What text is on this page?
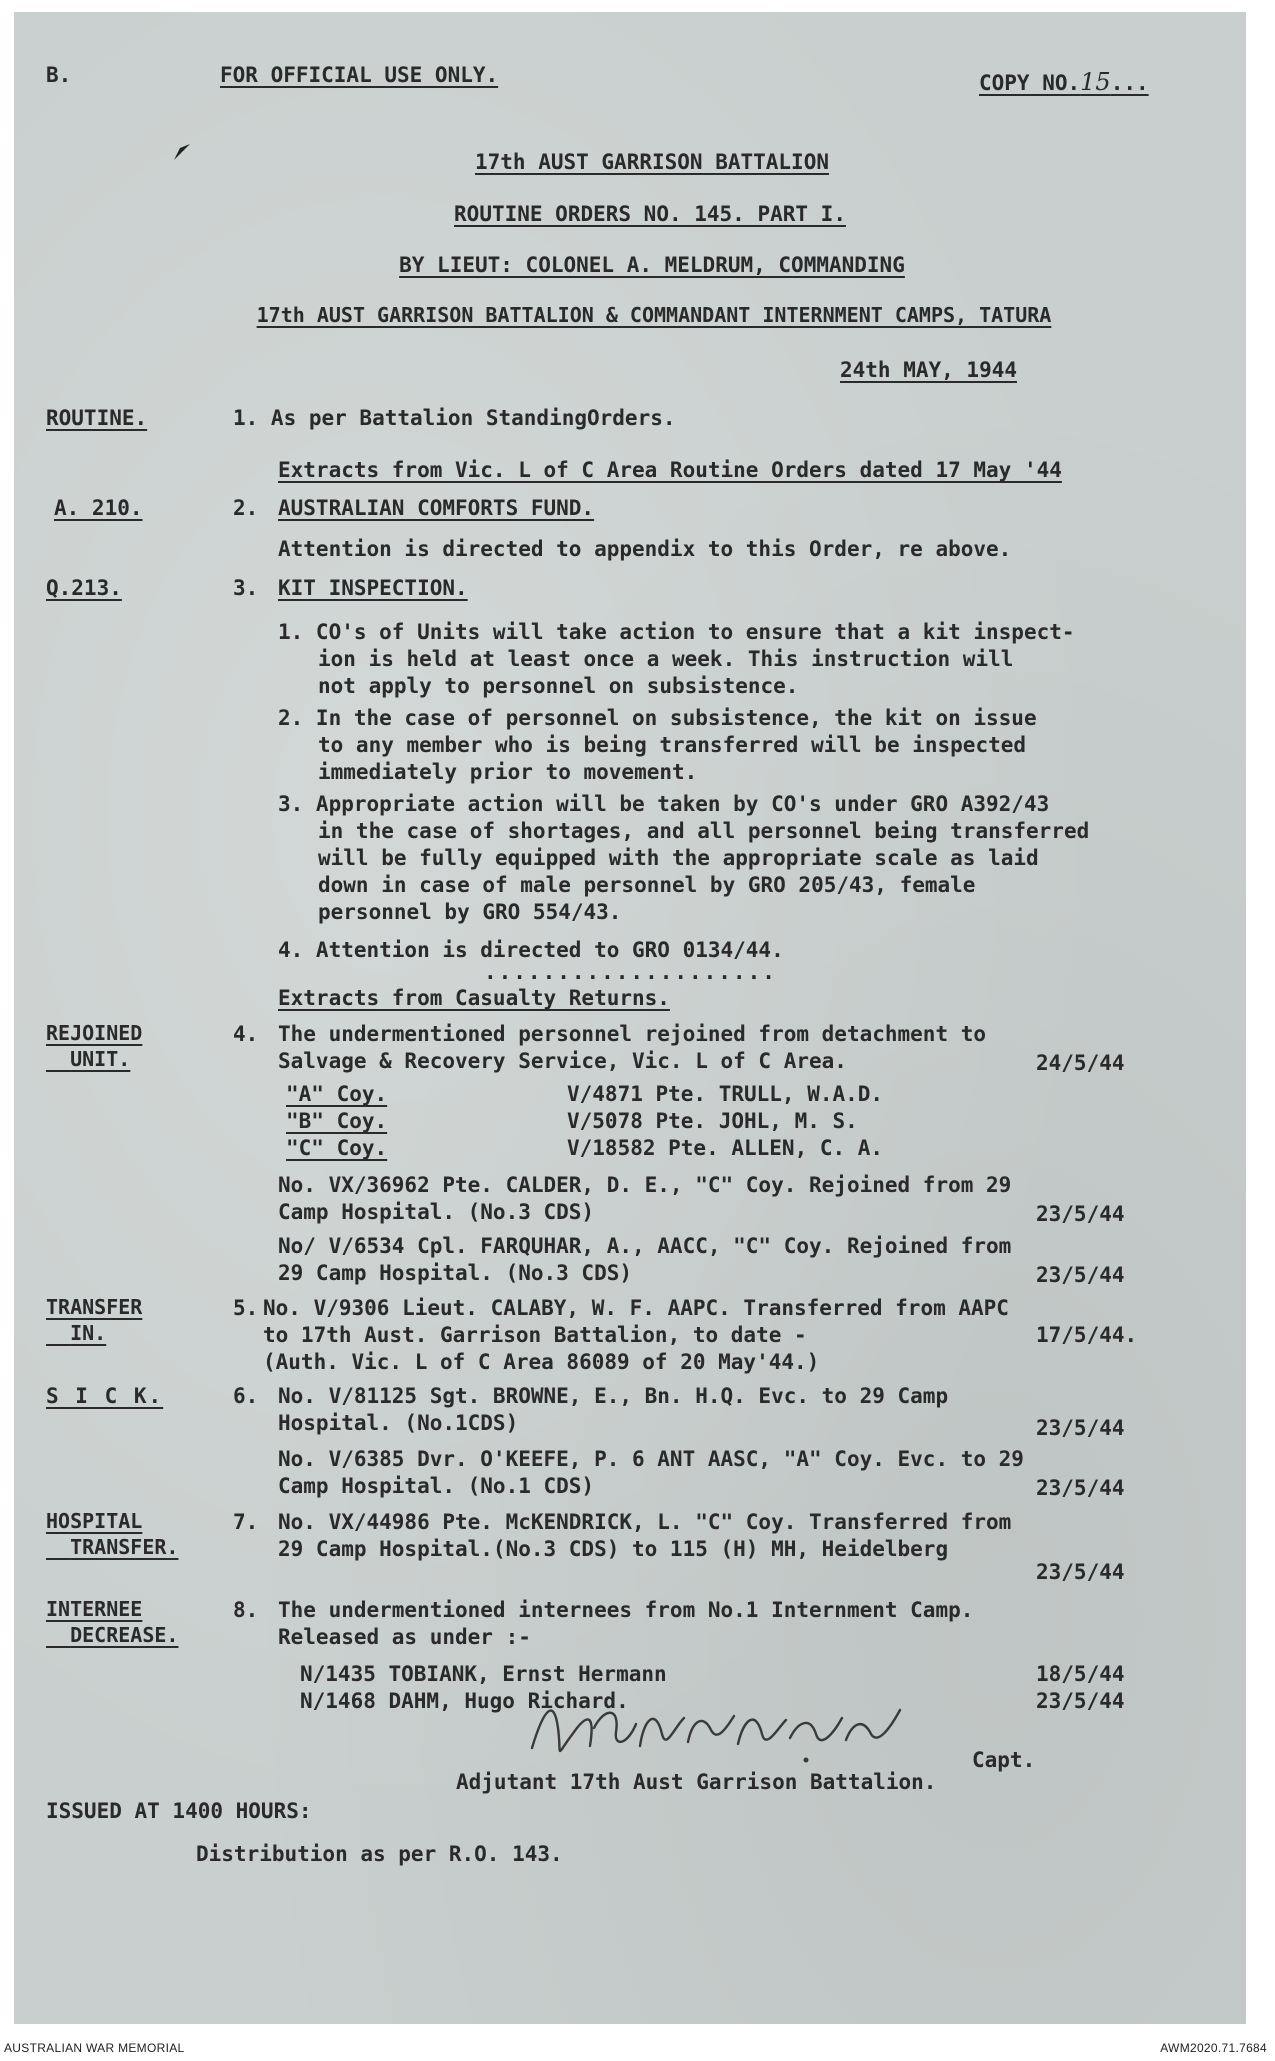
B.	FOR OFFICIAL USE ONLY.	COPY NO.15...
17th AUST GARRISON BATTALION
ROUTINE ORDERS NO. 145. PART I.
BY LIEUT: COLONEL A. MELDRUM, COMMANDING
17th AUST GARRISON BATTALION & COMMANDANT INTERNMENT CAMPS, TATURA
24th MAY, 1944
ROUTINE.	1. As per Battalion StandingOrders.
Extracts from Vic. L of C Area Routine Orders dated 17 May '44
A. 210.	2. AUSTRALIAN COMFORTS FUND.
Attention is directed to appendix to this Order, re above.
Q.213.	3. KIT INSPECTION.
1. CO's of Units will take action to ensure that a kit inspect-
ion is held at least once a week. This instruction will
not apply to personnel on subsistence.
2. In the case of personnel on subsistence, the kit on issue
to any member who is being transferred will be inspected
immediately prior to movement.
3. Appropriate action will be taken by CO's under GRO A392/43
in the case of shortages, and all personnel being transferred
will be fully equipped with the appropriate scale as laid
down in case of male personnel by GRO 205/43, female
personnel by GRO 554/43.
4. Attention is directed to GRO 0134/44.
....................
Extracts from Casualty Returns.
REJOINED
UNIT.
4. The undermentioned personnel rejoined from detachment to
Salvage & Recovery Service, Vic. L of C Area.	24/5/44
"A" Coy.	V/4871 Pte. TRULL, W.A.D.
"B" Coy.	V/5078 Pte. JOHL, M. S.
"C" Coy.	V/18582 Pte. ALLEN, C. A.
No. VX/36962 Pte. CALDER, D. E., "C" Coy. Rejoined from 29
Camp Hospital. (No.3 CDS)	23/5/44
No/ V/6534 Cpl. FARQUHAR, A., AACC, "C" Coy. Rejoined from
29 Camp Hospital. (No.3 CDS)	23/5/44
TRANSFER
IN.
5. No. V/9306 Lieut. CALABY, W. F. AAPC. Transferred from AAPC
to 17th Aust. Garrison Battalion, to date -	17/5/44.
(Auth. Vic. L of C Area 86089 of 20 May'44.)
S I C K.	6. No. V/81125 Sgt. BROWNE, E., Bn. H.Q. Evc. to 29 Camp
Hospital. (No.1CDS)	23/5/44
No. V/6385 Dvr. O'KEEFE, P. 6 ANT AASC, "A" Coy. Evc. to 29
Camp Hospital. (No.1 CDS)	23/5/44
HOSPITAL
TRANSFER.
7. No. VX/44986 Pte. McKENDRICK, L. "C" Coy. Transferred from
29 Camp Hospital.(No.3 CDS) to 115 (H) MH, Heidelberg
23/5/44
INTERNEE
DECREASE.
8. The undermentioned internees from No.1 Internment Camp.
Released as under :-
N/1435 TOBIANK, Ernst Hermann	18/5/44
N/1468 DAHM, Hugo Richard.	23/5/44
Capt.
Adjutant 17th Aust Garrison Battalion.
ISSUED AT 1400 HOURS:
Distribution as per R.O. 143.
AUSTRALIAN WAR MEMORIAL	AWM2020.71.7684
